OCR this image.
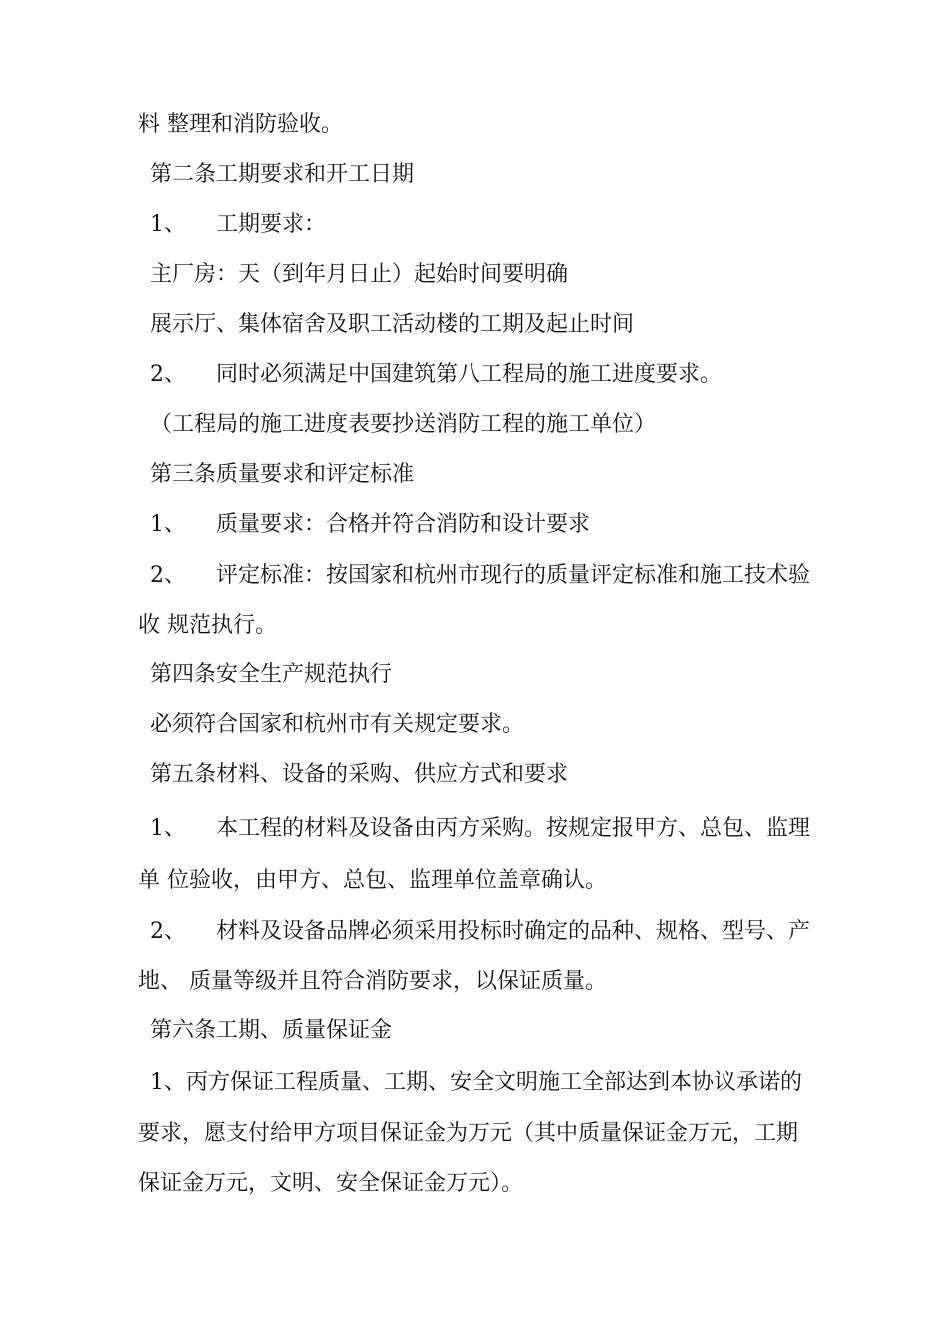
料 整理和消防验收。
第二条工期要求和开工日期
1、 工期要求：
主厂房：天（到年月日止）起始时间要明确
展示厅、集体宿舍及职工活动楼的工期及起止时间
2、 同时必须满足中国建筑第八工程局的施工进度要求。
（工程局的施工进度表要抄送消防工程的施工单位）
第三条质量要求和评定标准
1、 质量要求：合格并符合消防和设计要求
2、 评定标准：按国家和杭州市现行的质量评定标准和施工技术验
收 规范执行。
第四条安全生产规范执行
必须符合国家和杭州市有关规定要求。
第五条材料、设备的采购、供应方式和要求
1、 本工程的材料及设备由丙方采购。按规定报甲方、总包、监理
单 位验收，由甲方、总包、监理单位盖章确认。
2、 材料及设备品牌必须采用投标时确定的品种、规格、型号、产
地、 质量等级并且符合消防要求，以保证质量。
第六条工期、质量保证金
1、丙方保证工程质量、工期、安全文明施工全部达到本协议承诺的
要求，愿支付给甲方项目保证金为万元（其中质量保证金万元，工期
保证金万元，文明、安全保证金万元）。
